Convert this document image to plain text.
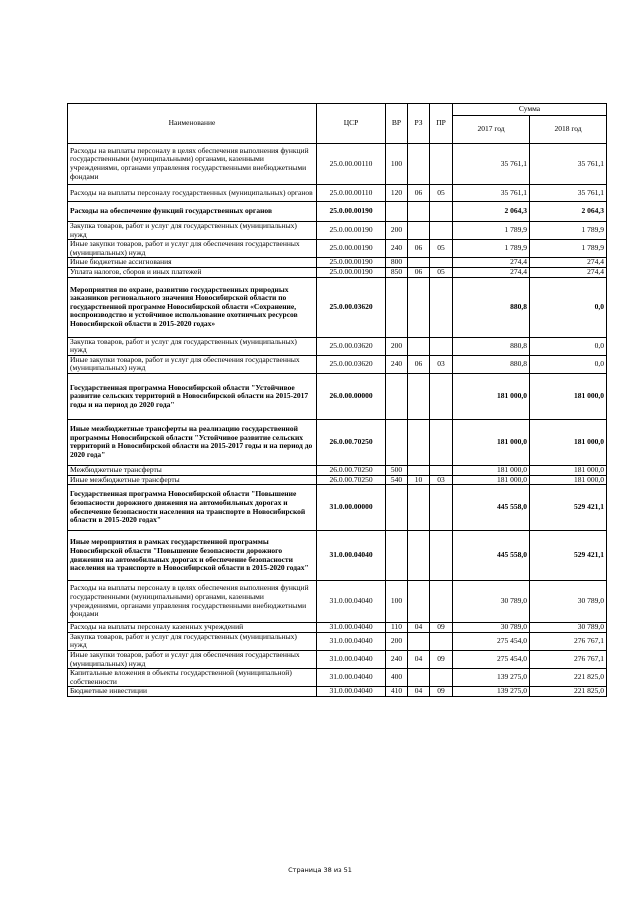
Наименование	ЦСР	ВР	РЗ	ПР	Сумма	
					2017 год	2018 год
Расходы на выплаты персоналу в целях обеспечения выполнения функций государственными (муниципальными) органами, казенными учреждениями, органами управления государственными внебюджетными фондами	25.0.00.00110	100			35 761,1	35 761,1
Расходы на выплаты персоналу государственных (муниципальных) органов	25.0.00.00110	120	06	05	35 761,1	35 761,1
Расходы на обеспечение функций государственных органов	25.0.00.00190				2 064,3	2 064,3
Закупка товаров, работ и услуг для государственных (муниципальных) нужд	25.0.00.00190	200			1 789,9	1 789,9
Иные закупки товаров, работ и услуг для обеспечения государственных (муниципальных) нужд	25.0.00.00190	240	06	05	1 789,9	1 789,9
Иные бюджетные ассигнования	25.0.00.00190	800			274,4	274,4
Уплата налогов, сборов и иных платежей	25.0.00.00190	850	06	05	274,4	274,4
Мероприятия по охране, развитию государственных природных заказников регионального значения Новосибирской области по государственной программе Новосибирской области «Сохранение, воспроизводство и устойчивое использование охотничьих ресурсов Новосибирской области в 2015-2020 годах»	25.0.00.03620				880,8	0,0
Закупка товаров, работ и услуг для государственных (муниципальных) нужд	25.0.00.03620	200			880,8	0,0
Иные закупки товаров, работ и услуг для обеспечения государственных (муниципальных) нужд	25.0.00.03620	240	06	03	880,8	0,0
Государственная программа Новосибирской области "Устойчивое развитие сельских территорий в Новосибирской области на 2015-2017 годы и на период до 2020 года"	26.0.00.00000				181 000,0	181 000,0
Иные межбюджетные трансферты на реализацию государственной программы Новосибирской области "Устойчивое развитие сельских территорий в Новосибирской области на 2015-2017 годы и на период до 2020 года"	26.0.00.70250				181 000,0	181 000,0
Межбюджетные трансферты	26.0.00.70250	500			181 000,0	181 000,0
Иные межбюджетные трансферты	26.0.00.70250	540	10	03	181 000,0	181 000,0
Государственная программа Новосибирской области "Повышение безопасности дорожного движения на автомобильных дорогах и обеспечение безопасности населения на транспорте в Новосибирской области в 2015-2020 годах"	31.0.00.00000				445 558,0	529 421,1
Иные мероприятия в рамках государственной программы Новосибирской области "Повышение безопасности дорожного движения на автомобильных дорогах и обеспечение безопасности населения на транспорте в Новосибирской области в 2015-2020 годах"	31.0.00.04040				445 558,0	529 421,1
Расходы на выплаты персоналу в целях обеспечения выполнения функций государственными (муниципальными) органами, казенными учреждениями, органами управления государственными внебюджетными фондами	31.0.00.04040	100			30 789,0	30 789,0
Расходы на выплаты персоналу казенных учреждений	31.0.00.04040	110	04	09	30 789,0	30 789,0
Закупка товаров, работ и услуг для государственных (муниципальных) нужд	31.0.00.04040	200			275 454,0	276 767,1
Иные закупки товаров, работ и услуг для обеспечения государственных (муниципальных) нужд	31.0.00.04040	240	04	09	275 454,0	276 767,1
Капитальные вложения в объекты государственной (муниципальной) собственности	31.0.00.04040	400			139 275,0	221 825,0
Бюджетные инвестиции	31.0.00.04040	410	04	09	139 275,0	221 825,0
Страница 38 из 51
